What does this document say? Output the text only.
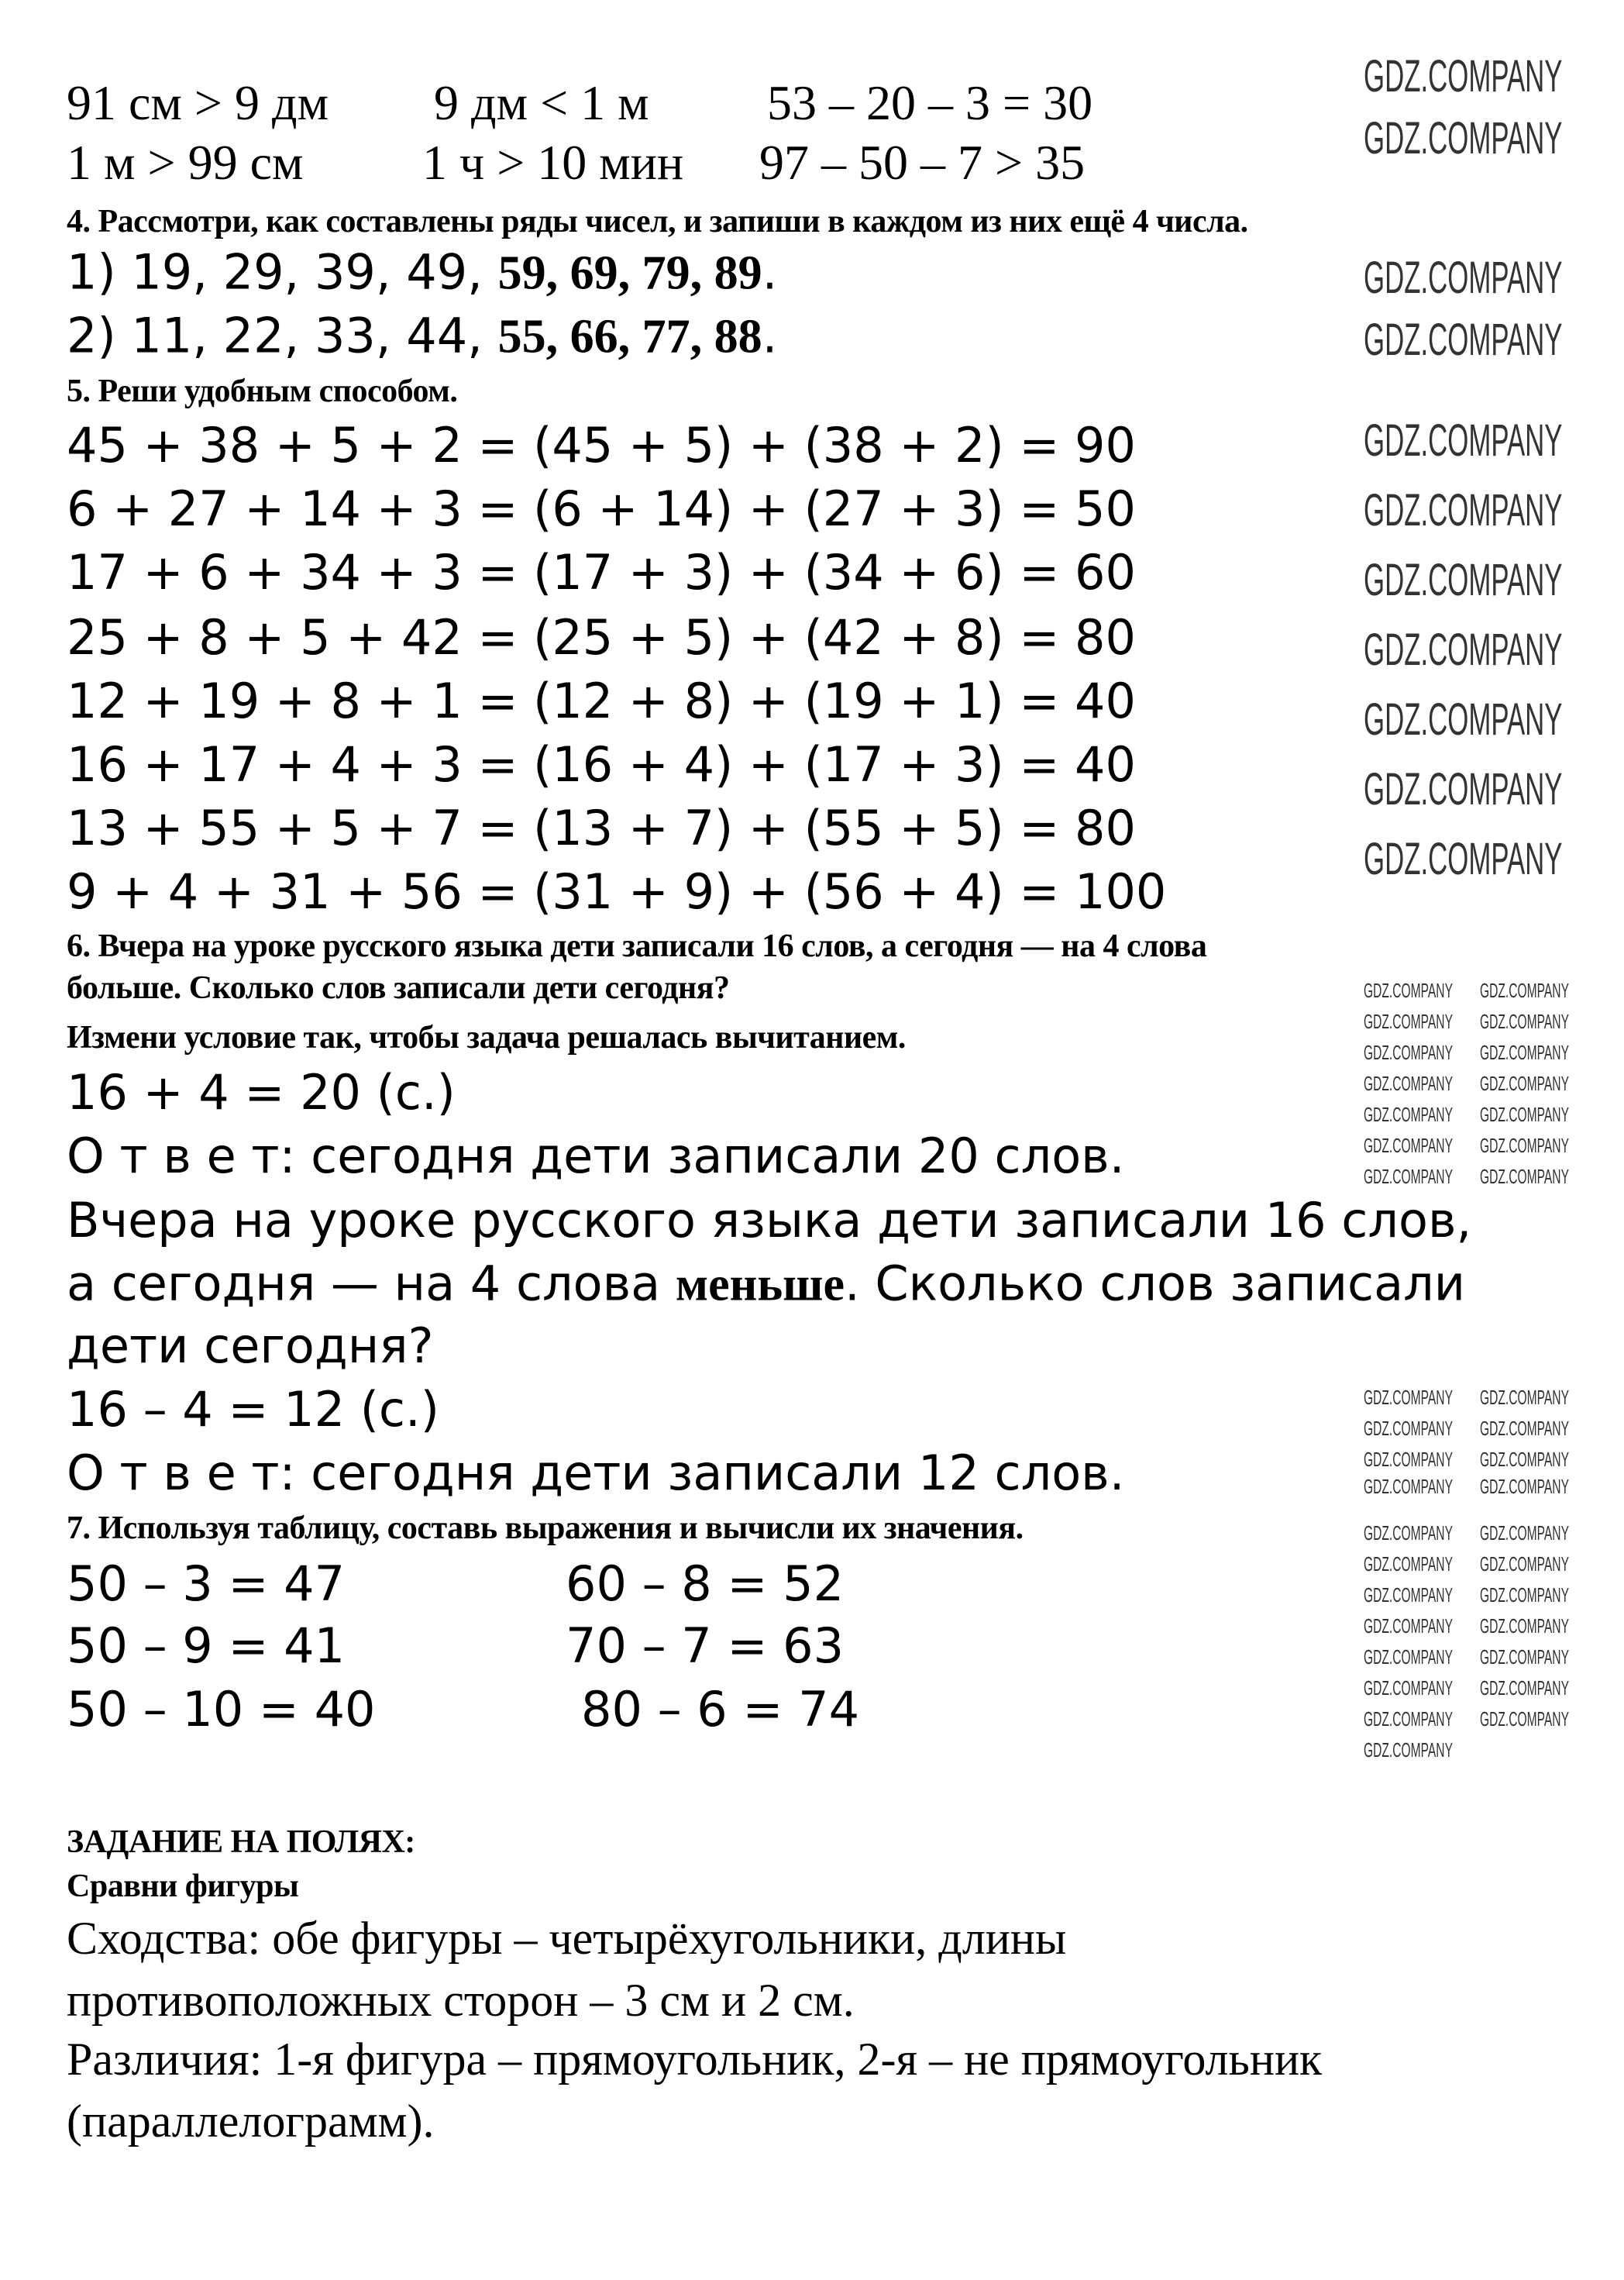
91 см > 9 дм 9 дм < 1 м 53 – 20 – 3 = 30
1 м > 99 см 1 ч > 10 мин 97 – 50 – 7 > 35
4. Рассмотри, как составлены ряды чисел, и запиши в каждом из них ещё 4 числа.
1) 19, 29, 39, 49, 59, 69, 79, 89.
2) 11, 22, 33, 44, 55, 66, 77, 88.
5. Реши удобным способом.
45 + 38 + 5 + 2 = (45 + 5) + (38 + 2) = 90
6 + 27 + 14 + 3 = (6 + 14) + (27 + 3) = 50
17 + 6 + 34 + 3 = (17 + 3) + (34 + 6) = 60
25 + 8 + 5 + 42 = (25 + 5) + (42 + 8) = 80
12 + 19 + 8 + 1 = (12 + 8) + (19 + 1) = 40
16 + 17 + 4 + 3 = (16 + 4) + (17 + 3) = 40
13 + 55 + 5 + 7 = (13 + 7) + (55 + 5) = 80
9 + 4 + 31 + 56 = (31 + 9) + (56 + 4) = 100
6. Вчера на уроке русского языка дети записали 16 слов, а сегодня — на 4 слова
больше. Сколько слов записали дети сегодня?
Измени условие так, чтобы задача решалась вычитанием.
16 + 4 = 20 (с.)
О т в е т: сегодня дети записали 20 слов.
Вчера на уроке русского языка дети записали 16 слов,
а сегодня — на 4 слова меньше. Сколько слов записали
дети сегодня?
16 – 4 = 12 (с.)
О т в е т: сегодня дети записали 12 слов.
7. Используя таблицу, составь выражения и вычисли их значения.
50 – 3 = 47
50 – 9 = 41
50 – 10 = 40
60 – 8 = 52
70 – 7 = 63
80 – 6 = 74
ЗАДАНИЕ НА ПОЛЯХ:
Сравни фигуры
Сходства: обе фигуры – четырёхугольники, длины
противоположных сторон – 3 см и 2 см.
Различия: 1-я фигура – прямоугольник, 2-я – не прямоугольник
(параллелограмм).
GDZ.COMPANY
GDZ.COMPANY
GDZ.COMPANY
GDZ.COMPANY
GDZ.COMPANY
GDZ.COMPANY
GDZ.COMPANY
GDZ.COMPANY
GDZ.COMPANY
GDZ.COMPANY
GDZ.COMPANY
GDZ.COMPANY GDZ.COMPANY
GDZ.COMPANY GDZ.COMPANY
GDZ.COMPANY GDZ.COMPANY
GDZ.COMPANY GDZ.COMPANY
GDZ.COMPANY GDZ.COMPANY
GDZ.COMPANY GDZ.COMPANY
GDZ.COMPANY GDZ.COMPANY
GDZ.COMPANY GDZ.COMPANY
GDZ.COMPANY GDZ.COMPANY
GDZ.COMPANY GDZ.COMPANY
GDZ.COMPANY GDZ.COMPANY
GDZ.COMPANY GDZ.COMPANY
GDZ.COMPANY GDZ.COMPANY
GDZ.COMPANY GDZ.COMPANY
GDZ.COMPANY GDZ.COMPANY
GDZ.COMPANY GDZ.COMPANY
GDZ.COMPANY GDZ.COMPANY
GDZ.COMPANY GDZ.COMPANY
GDZ.COMPANY
